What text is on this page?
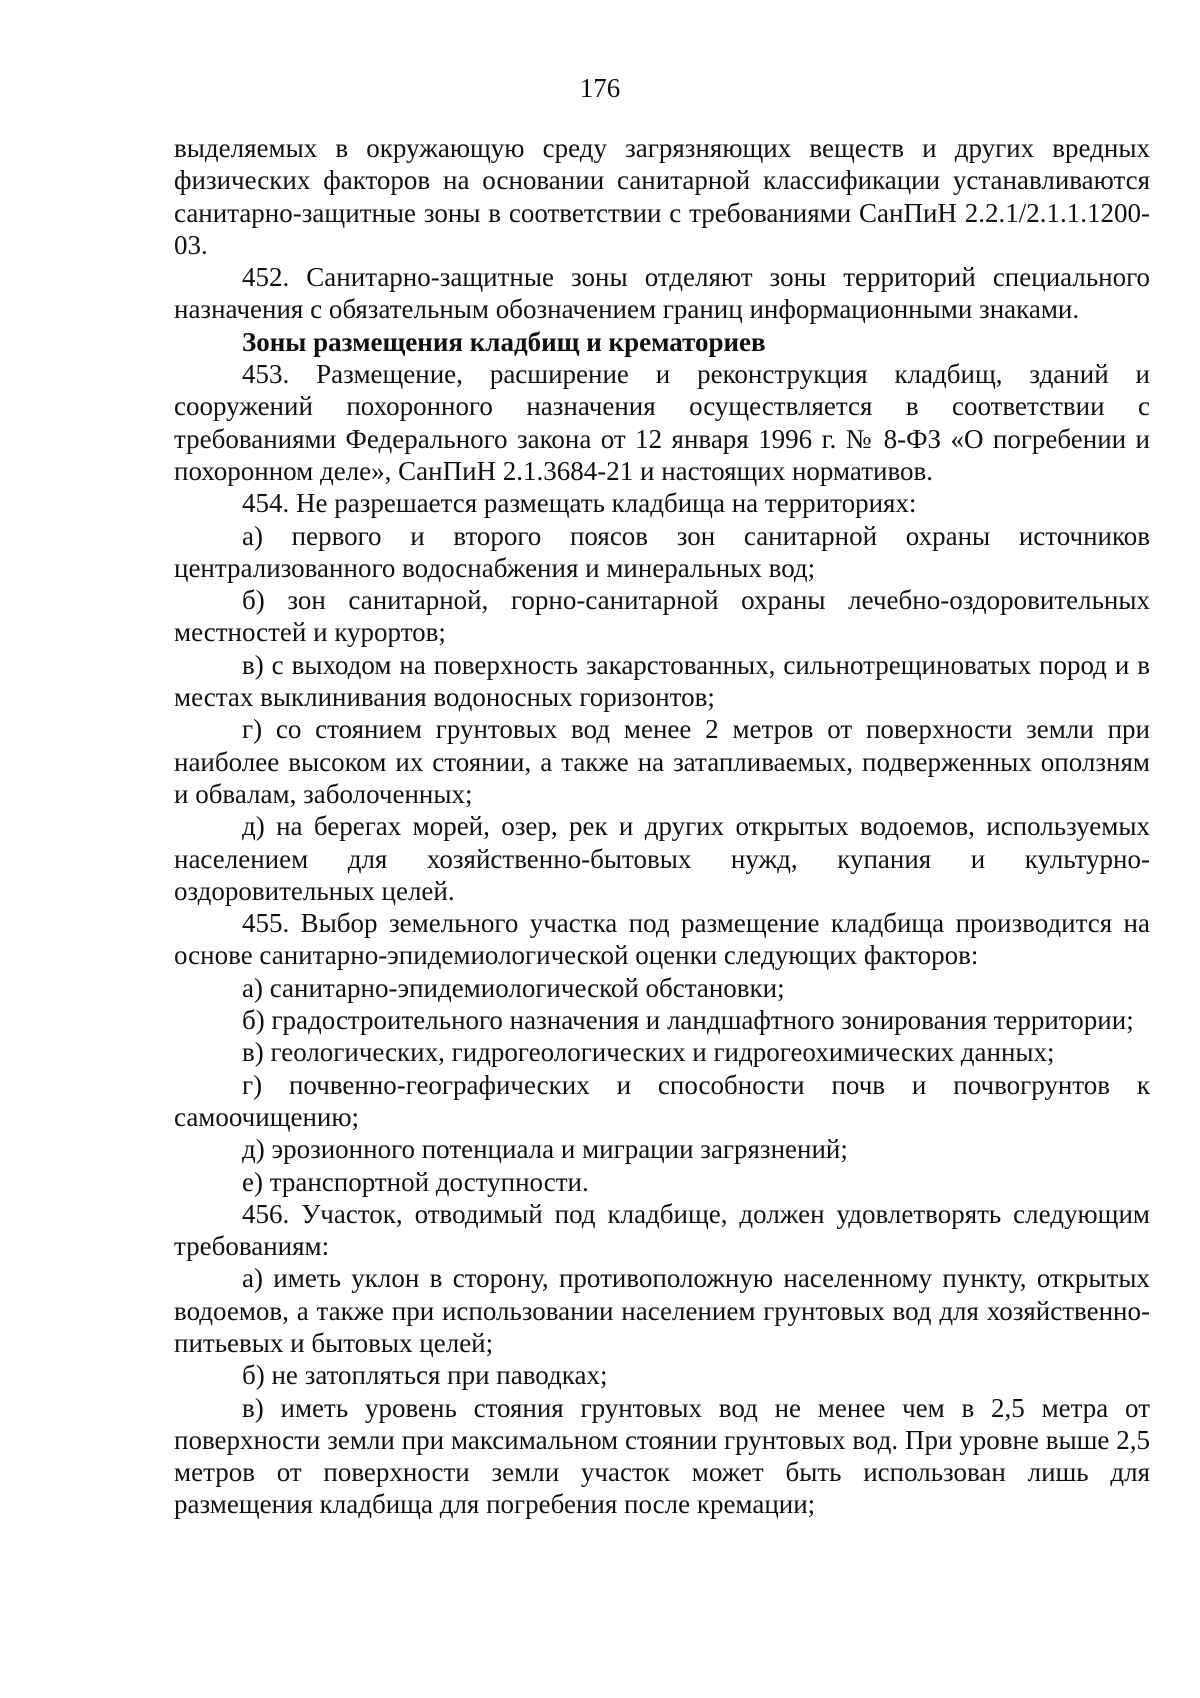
176

выделяемых в окружающую среду загрязняющих веществ и других вредных физических факторов на основании санитарной классификации устанавливаются санитарно-защитные зоны в соответствии с требованиями СанПиН 2.2.1/2.1.1.1200-03.

452. Санитарно-защитные зоны отделяют зоны территорий специального назначения с обязательным обозначением границ информационными знаками.

Зоны размещения кладбищ и крематориев

453. Размещение, расширение и реконструкция кладбищ, зданий и сооружений похоронного назначения осуществляется в соответствии с требованиями Федерального закона от 12 января 1996 г. № 8-ФЗ «О погребении и похоронном деле», СанПиН 2.1.3684-21 и настоящих нормативов.

454. Не разрешается размещать кладбища на территориях:

а) первого и второго поясов зон санитарной охраны источников централизованного водоснабжения и минеральных вод;

б) зон санитарной, горно-санитарной охраны лечебно-оздоровительных местностей и курортов;

в) с выходом на поверхность закарстованных, сильнотрещиноватых пород и в местах выклинивания водоносных горизонтов;

г) со стоянием грунтовых вод менее 2 метров от поверхности земли при наиболее высоком их стоянии, а также на затапливаемых, подверженных оползням и обвалам, заболоченных;

д) на берегах морей, озер, рек и других открытых водоемов, используемых населением для хозяйственно-бытовых нужд, купания и культурно-оздоровительных целей.

455. Выбор земельного участка под размещение кладбища производится на основе санитарно-эпидемиологической оценки следующих факторов:

а) санитарно-эпидемиологической обстановки;

б) градостроительного назначения и ландшафтного зонирования территории;

в) геологических, гидрогеологических и гидрогеохимических данных;

г) почвенно-географических и способности почв и почвогрунтов к самоочищению;

д) эрозионного потенциала и миграции загрязнений;

е) транспортной доступности.

456. Участок, отводимый под кладбище, должен удовлетворять следующим требованиям:

а) иметь уклон в сторону, противоположную населенному пункту, открытых водоемов, а также при использовании населением грунтовых вод для хозяйственно-питьевых и бытовых целей;

б) не затопляться при паводках;

в) иметь уровень стояния грунтовых вод не менее чем в 2,5 метра от поверхности земли при максимальном стоянии грунтовых вод. При уровне выше 2,5 метров от поверхности земли участок может быть использован лишь для размещения кладбища для погребения после кремации;
